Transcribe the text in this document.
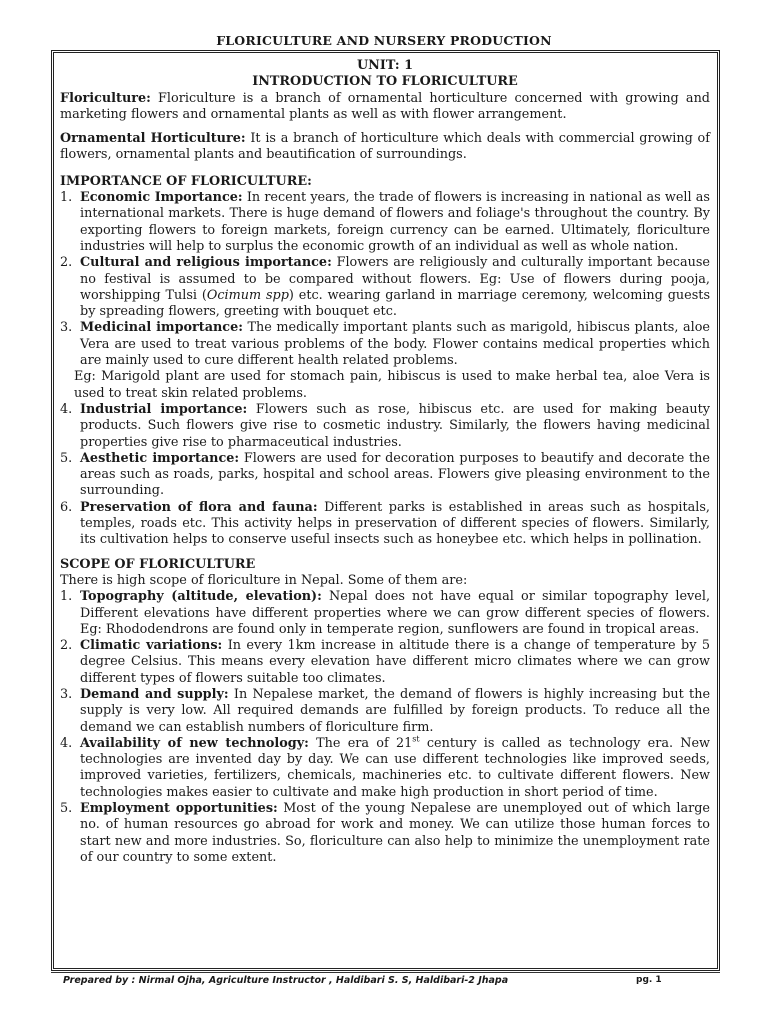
FLORICULTURE AND NURSERY PRODUCTION
UNIT: 1
INTRODUCTION TO FLORICULTURE

Floriculture: Floriculture is a branch of ornamental horticulture concerned with growing and marketing flowers and ornamental plants as well as with flower arrangement.

Ornamental Horticulture: It is a branch of horticulture which deals with commercial growing of flowers, ornamental plants and beautification of surroundings.

IMPORTANCE OF FLORICULTURE:
1. Economic Importance: In recent years, the trade of flowers is increasing in national as well as international markets. There is huge demand of flowers and foliage's throughout the country. By exporting flowers to foreign markets, foreign currency can be earned. Ultimately, floriculture industries will help to surplus the economic growth of an individual as well as whole nation.
2. Cultural and religious importance: Flowers are religiously and culturally important because no festival is assumed to be compared without flowers. Eg: Use of flowers during pooja, worshipping Tulsi (Ocimum spp) etc. wearing garland in marriage ceremony, welcoming guests by spreading flowers, greeting with bouquet etc.
3. Medicinal importance: The medically important plants such as marigold, hibiscus plants, aloe Vera are used to treat various problems of the body. Flower contains medical properties which are mainly used to cure different health related problems.

Eg: Marigold plant are used for stomach pain, hibiscus is used to make herbal tea, aloe Vera is used to treat skin related problems.

4. Industrial importance: Flowers such as rose, hibiscus etc. are used for making beauty products. Such flowers give rise to cosmetic industry. Similarly, the flowers having medicinal properties give rise to pharmaceutical industries.
5. Aesthetic importance: Flowers are used for decoration purposes to beautify and decorate the areas such as roads, parks, hospital and school areas. Flowers give pleasing environment to the surrounding.
6. Preservation of flora and fauna: Different parks is established in areas such as hospitals, temples, roads etc. This activity helps in preservation of different species of flowers. Similarly, its cultivation helps to conserve useful insects such as honeybee etc. which helps in pollination.
SCOPE OF FLORICULTURE

There is high scope of floriculture in Nepal. Some of them are:

1. Topography (altitude, elevation): Nepal does not have equal or similar topography level, Different elevations have different properties where we can grow different species of flowers. Eg: Rhododendrons are found only in temperate region, sunflowers are found in tropical areas.
2. Climatic variations: In every 1km increase in altitude there is a change of temperature by 5 degree Celsius. This means every elevation have different micro climates where we can grow different types of flowers suitable too climates.
3. Demand and supply: In Nepalese market, the demand of flowers is highly increasing but the supply is very low. All required demands are fulfilled by foreign products. To reduce all the demand we can establish numbers of floriculture firm.
4. Availability of new technology: The era of 21st century is called as technology era. New technologies are invented day by day. We can use different technologies like improved seeds, improved varieties, fertilizers, chemicals, machineries etc. to cultivate different flowers. New technologies makes easier to cultivate and make high production in short period of time.
5. Employment opportunities: Most of the young Nepalese are unemployed out of which large no. of human resources go abroad for work and money. We can utilize those human forces to start new and more industries. So, floriculture can also help to minimize the unemployment rate of our country to some extent.
Prepared by : Nirmal Ojha, Agriculture Instructor , Haldibari S. S, Haldibari-2 Jhapa	pg. 1
